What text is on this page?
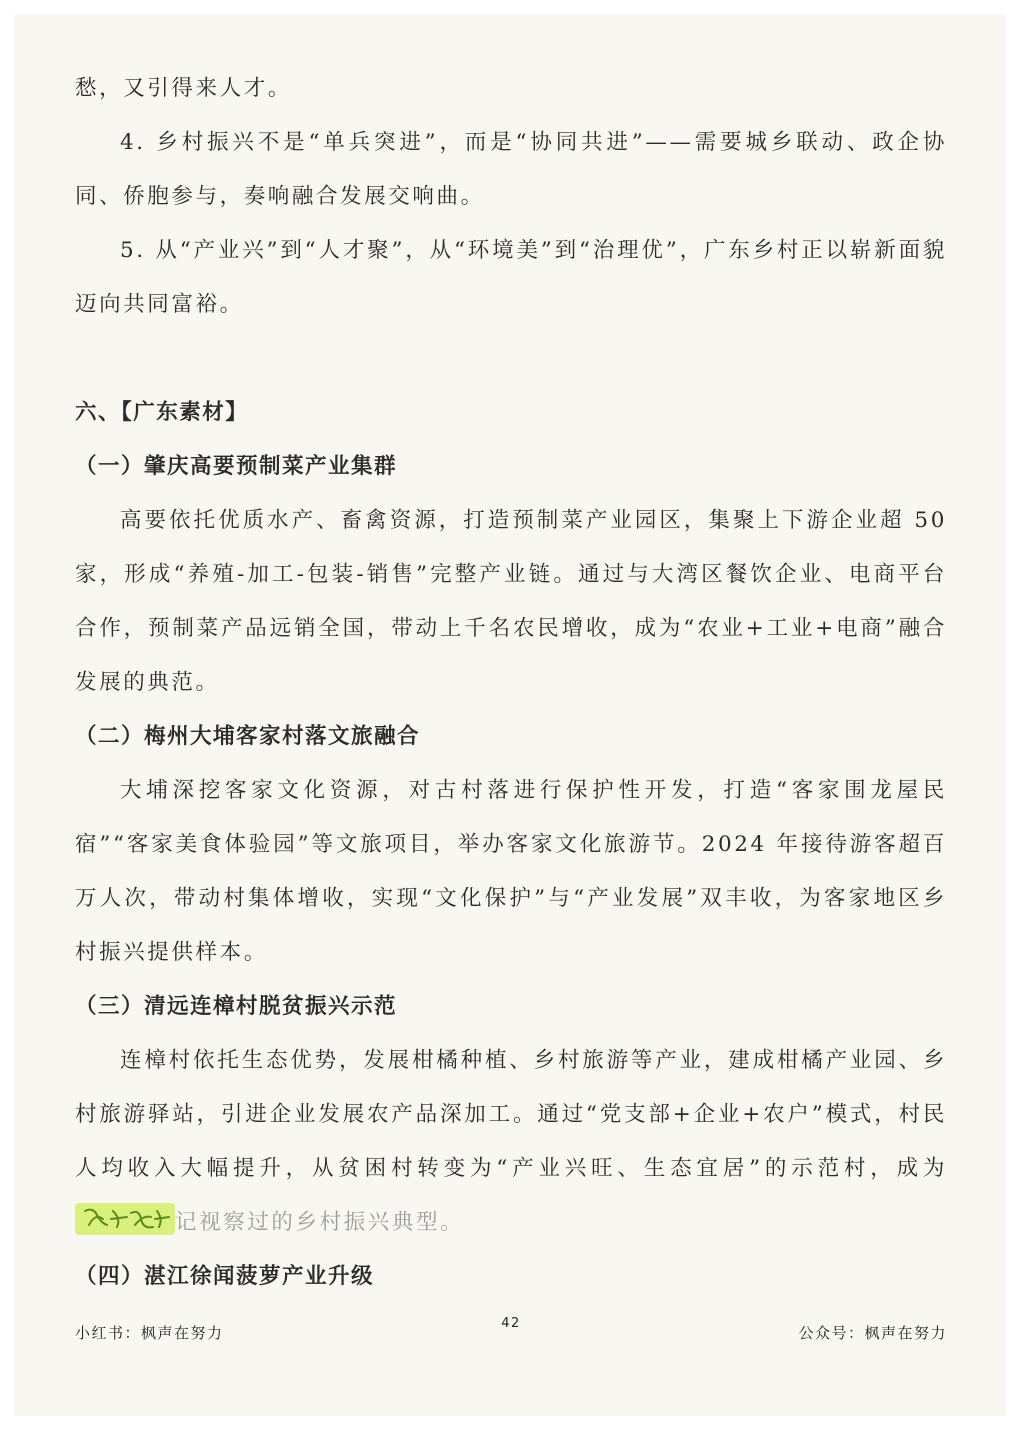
愁，又引得来人才。

4. 乡村振兴不是“单兵突进”，而是“协同共进”——需要城乡联动、政企协同、侨胞参与，奏响融合发展交响曲。

5. 从“产业兴”到“人才聚”，从“环境美”到“治理优”，广东乡村正以崭新面貌迈向共同富裕。

六、【广东素材】

（一）肇庆高要预制菜产业集群

高要依托优质水产、畜禽资源，打造预制菜产业园区，集聚上下游企业超 50 家，形成“养殖-加工-包装-销售”完整产业链。通过与大湾区餐饮企业、电商平台合作，预制菜产品远销全国，带动上千名农民增收，成为“农业+工业+电商”融合发展的典范。

（二）梅州大埔客家村落文旅融合

大埔深挖客家文化资源，对古村落进行保护性开发，打造“客家围龙屋民宿”“客家美食体验园”等文旅项目，举办客家文化旅游节。2024 年接待游客超百万人次，带动村集体增收，实现“文化保护”与“产业发展”双丰收，为客家地区乡村振兴提供样本。

（三）清远连樟村脱贫振兴示范

连樟村依托生态优势，发展柑橘种植、乡村旅游等产业，建成柑橘产业园、乡村旅游驿站，引进企业发展农产品深加工。通过“党支部+企业+农户”模式，村民人均收入大幅提升，从贫困村转变为“产业兴旺、生态宜居”的示范村，成为
记视察过的乡村振兴典型。

（四）湛江徐闻菠萝产业升级

小红书：枫声在努力
42
公众号：枫声在努力
